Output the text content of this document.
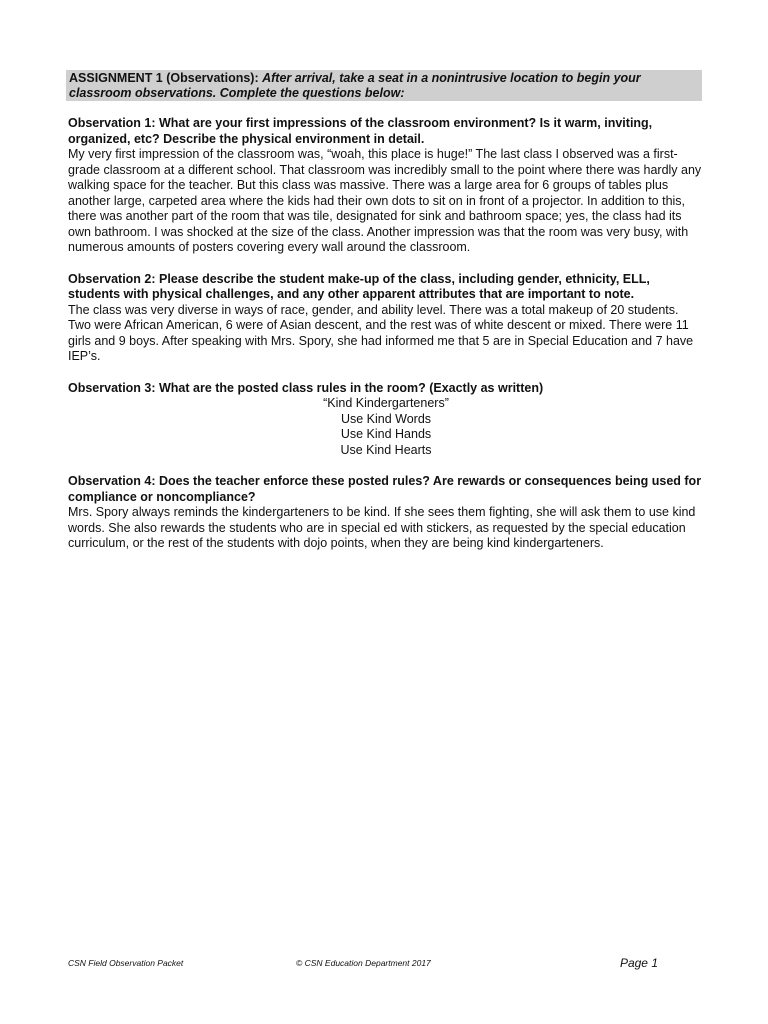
ASSIGNMENT 1 (Observations): After arrival, take a seat in a nonintrusive location to begin your classroom observations. Complete the questions below:

Observation 1: What are your first impressions of the classroom environment? Is it warm, inviting, organized, etc? Describe the physical environment in detail.

My very first impression of the classroom was, “woah, this place is huge!” The last class I observed was a first-grade classroom at a different school. That classroom was incredibly small to the point where there was hardly any walking space for the teacher. But this class was massive. There was a large area for 6 groups of tables plus another large, carpeted area where the kids had their own dots to sit on in front of a projector. In addition to this, there was another part of the room that was tile, designated for sink and bathroom space; yes, the class had its own bathroom. I was shocked at the size of the class. Another impression was that the room was very busy, with numerous amounts of posters covering every wall around the classroom.

Observation 2: Please describe the student make-up of the class, including gender, ethnicity, ELL, students with physical challenges, and any other apparent attributes that are important to note.

The class was very diverse in ways of race, gender, and ability level. There was a total makeup of 20 students. Two were African American, 6 were of Asian descent, and the rest was of white descent or mixed. There were 11 girls and 9 boys. After speaking with Mrs. Spory, she had informed me that 5 are in Special Education and 7 have IEP’s.

Observation 3: What are the posted class rules in the room? (Exactly as written)

“Kind Kindergarteners”
Use Kind Words
Use Kind Hands
Use Kind Hearts

Observation 4: Does the teacher enforce these posted rules? Are rewards or consequences being used for compliance or noncompliance?

Mrs. Spory always reminds the kindergarteners to be kind. If she sees them fighting, she will ask them to use kind words. She also rewards the students who are in special ed with stickers, as requested by the special education curriculum, or the rest of the students with dojo points, when they are being kind kindergarteners.

CSN Field Observation Packet	© CSN Education Department 2017	Page 1
